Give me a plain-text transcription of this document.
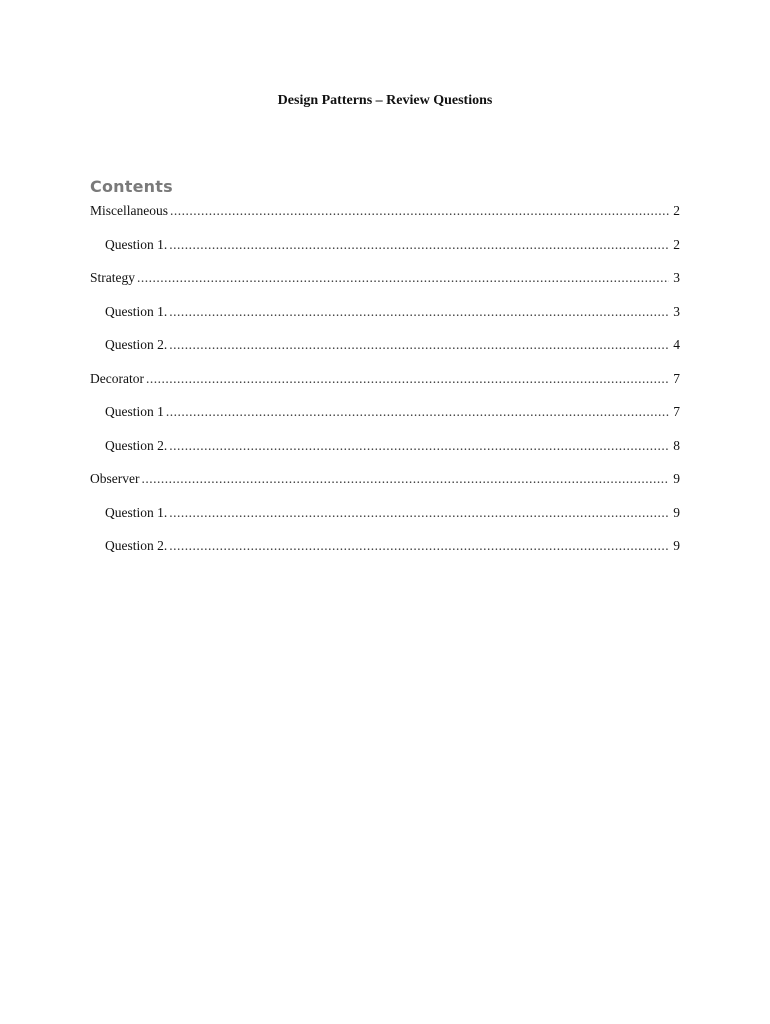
Design Patterns – Review Questions
Contents
Miscellaneous .....	2
Question 1. .....	2
Strategy .....	3
Question 1. .....	3
Question 2. .....	4
Decorator .....	7
Question 1 .....	7
Question 2. .....	8
Observer .....	9
Question 1. .....	9
Question 2. .....	9
